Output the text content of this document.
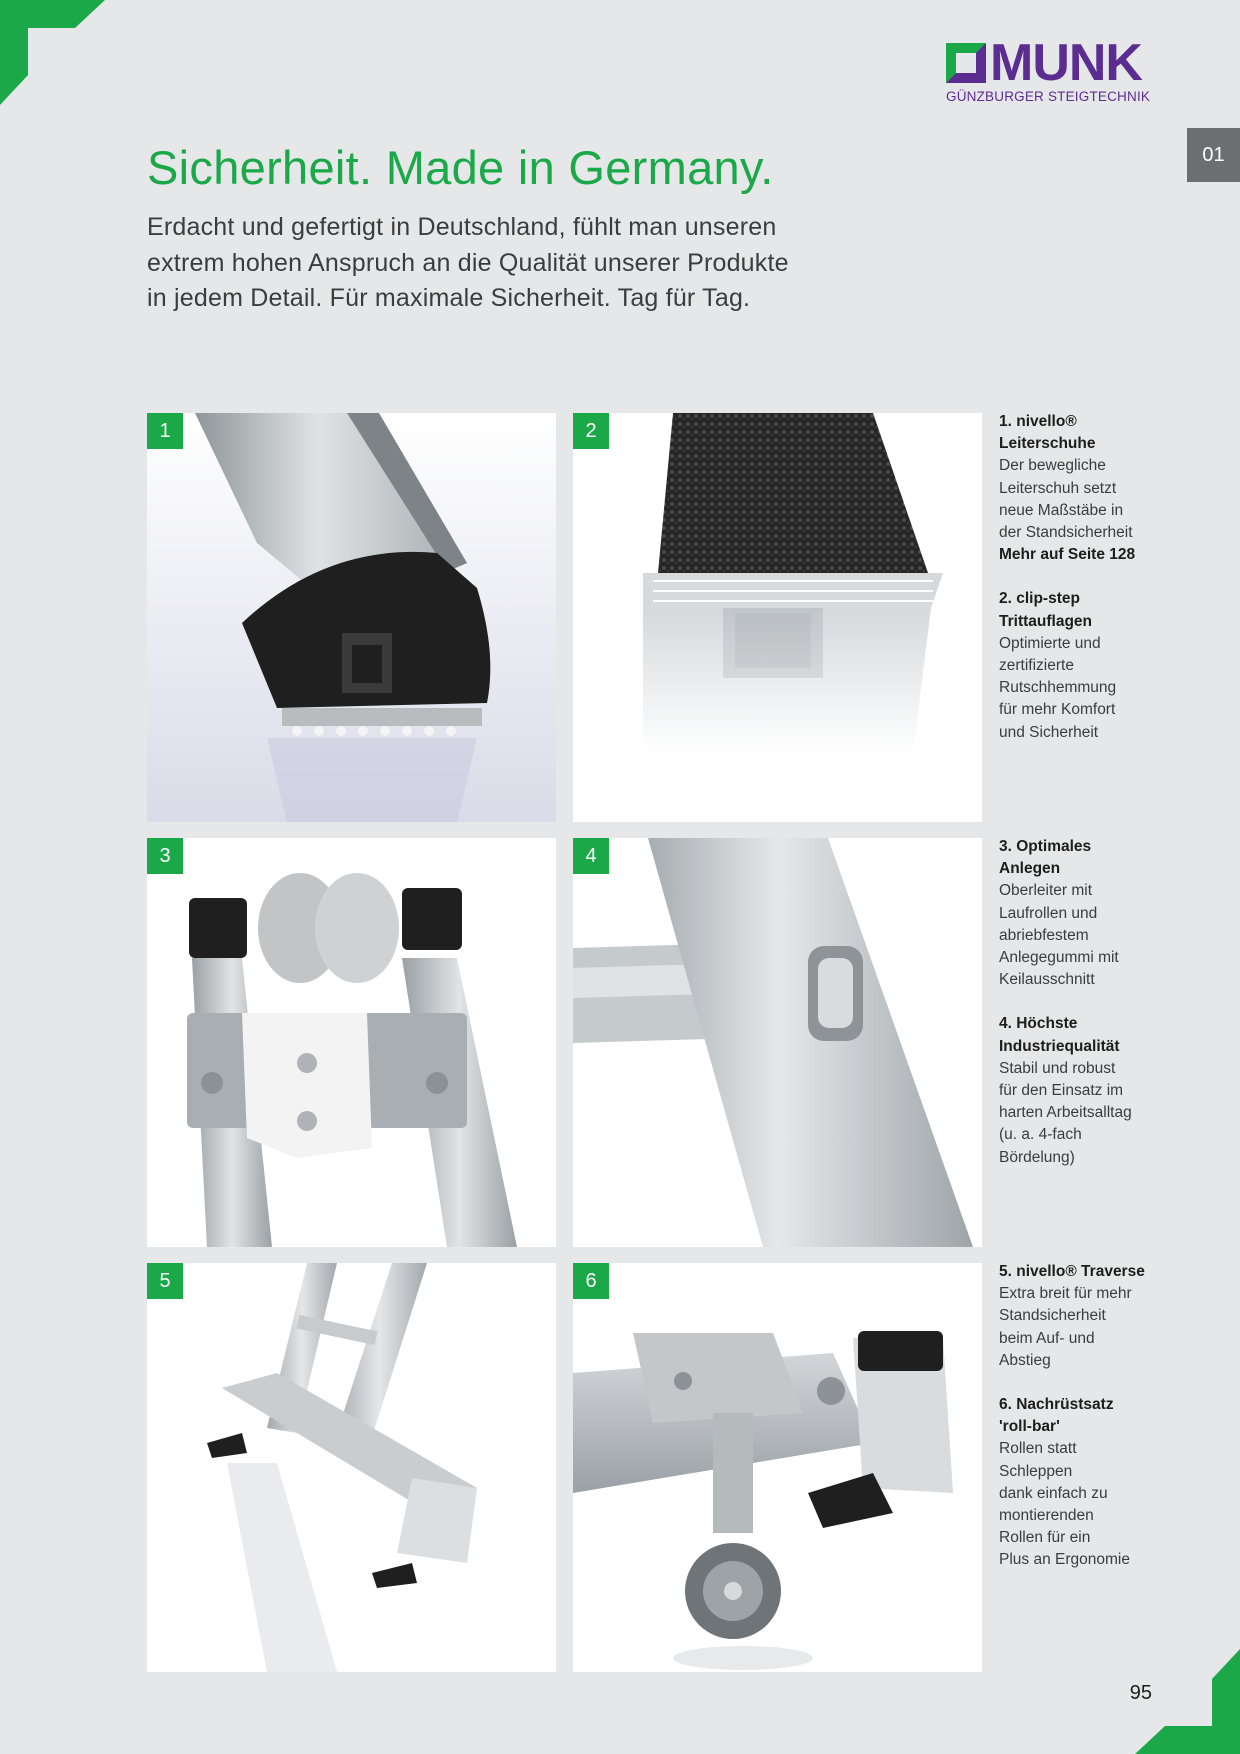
MUNK
GÜNZBURGER STEIGTECHNIK
01
Sicherheit. Made in Germany.

Erdacht und gefertigt in Deutschland, fühlt man unseren
extrem hohen Anspruch an die Qualität unserer Produkte
in jedem Detail. Für maximale Sicherheit. Tag für Tag.

1	2
3	4
5	6
1. nivello®
Leiterschuhe
Der bewegliche
Leiterschuh setzt
neue Maßstäbe in
der Standsicherheit
Mehr auf Seite 128
2. clip-step
Trittauflagen
Optimierte und
zertifizierte
Rutschhemmung
für mehr Komfort
und Sicherheit
3. Optimales
Anlegen
Oberleiter mit
Laufrollen und
abriebfestem
Anlegegummi mit
Keilausschnitt
4. Höchste
Industriequalität
Stabil und robust
für den Einsatz im
harten Arbeitsalltag
(u. a. 4-fach
Bördelung)
5. nivello® Traverse
Extra breit für mehr
Standsicherheit
beim Auf- und
Abstieg
6. Nachrüstsatz
'roll-bar'
Rollen statt
Schleppen
dank einfach zu
montierenden
Rollen für ein
Plus an Ergonomie
95
